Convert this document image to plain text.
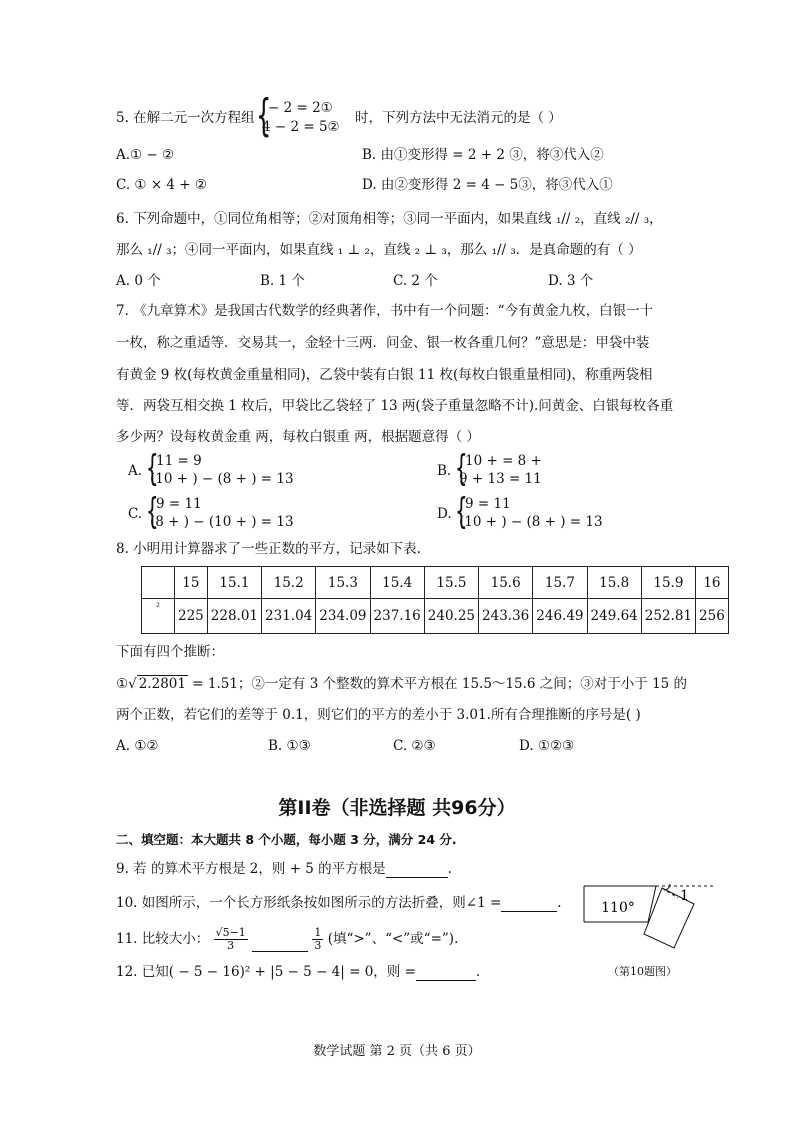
5. 在解二元一次方程组 {
− 2 = 2①
4 − 2 = 5②
时，下列方法中无法消元的是（ ）
A.① − ②	B. 由①变形得 = 2 + 2 ③，将③代入②
C. ① × 4 + ②	D. 由②变形得 2 = 4 − 5③，将③代入①
6. 下列命题中，①同位角相等；②对顶角相等；③同一平面内，如果直线 ₁// ₂，直线 ₂// ₃，
那么 ₁// ₃；④同一平面内，如果直线 ₁ ⊥ ₂，直线 ₂ ⊥ ₃，那么 ₁// ₃．是真命题的有（ ）
A. 0 个	B. 1 个	C. 2 个	D. 3 个
7. 《九章算术》是我国古代数学的经典著作，书中有一个问题：“今有黄金九枚，白银一十
一枚，称之重适等．交易其一，金轻十三两．问金、银一枚各重几何？”意思是：甲袋中装
有黄金 9 枚(每枚黄金重量相同)，乙袋中装有白银 11 枚(每枚白银重量相同)，称重两袋相
等．两袋互相交换 1 枚后，甲袋比乙袋轻了 13 两(袋子重量忽略不计).问黄金、白银每枚各重
多少两？设每枚黄金重 两，每枚白银重 两，根据题意得（ ）
A. {
11 = 9
(10 + ) − (8 + ) = 13	B. {
10 + = 8 +
9 + 13 = 11
C. {
9 = 11
(8 + ) − (10 + ) = 13	D. {
9 = 11
(10 + ) − (8 + ) = 13
8. 小明用计算器求了一些正数的平方，记录如下表.
	15	15.1	15.2	15.3	15.4	15.5	15.6	15.7	15.8	15.9	16
²	225	228.01	231.04	234.09	237.16	240.25	243.36	246.49	249.64	252.81	256
下面有四个推断：
①√ 2.2801 = 1.51；②一定有 3 个整数的算术平方根在 15.5～15.6 之间；③对于小于 15 的
两个正数，若它们的差等于 0.1，则它们的平方的差小于 3.01.所有合理推断的序号是( )
A. ①②	B. ①③	C. ②③	D. ①②③
第II卷（非选择题 共96分）
二、填空题：本大题共 8 个小题，每小题 3 分，满分 24 分.
9. 若 的算术平方根是 2，则 + 5 的平方根是	.
10. 如图所示，一个长方形纸条按如图所示的方法折叠，则∠1 =	.
11. 比较大小： $\frac{√5-1}{3}$
	$\frac{1}{3}$ (填“>”、“<”或“=”).
12. 已知( − 5 − 16)² + |5 − 5 − 4| = 0，则 =	.
110°
1
（第10题图）
数学试题 第 2 页（共 6 页）
